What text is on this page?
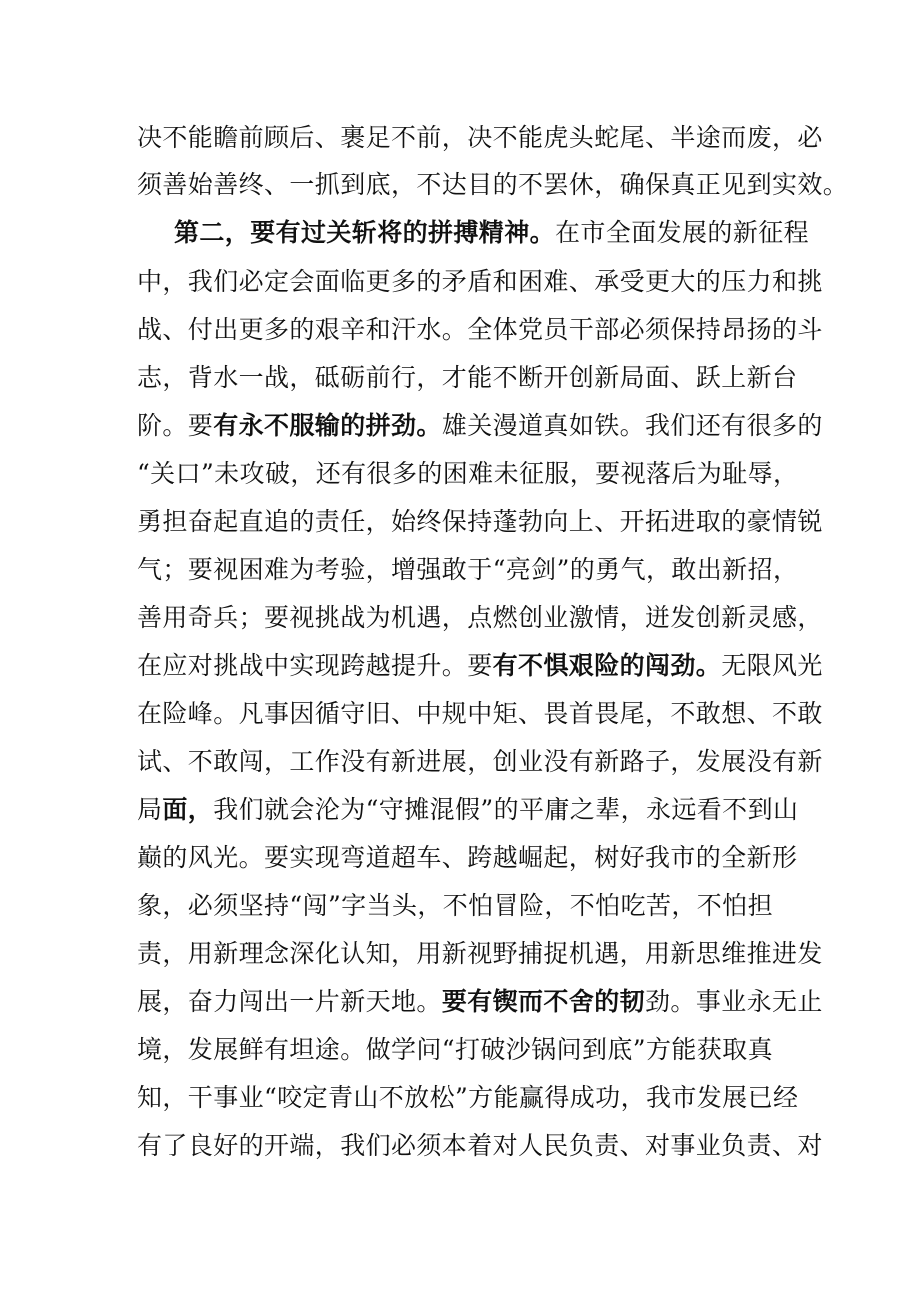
决不能瞻前顾后、裹足不前，决不能虎头蛇尾、半途而废，必
须善始善终、一抓到底，不达目的不罢休，确保真正见到实效。
第二，要有过关斩将的拼搏精神。在市全面发展的新征程
中，我们必定会面临更多的矛盾和困难、承受更大的压力和挑
战、付出更多的艰辛和汗水。全体党员干部必须保持昂扬的斗
志，背水一战，砥砺前行，才能不断开创新局面、跃上新台
阶。要有永不服输的拼劲。雄关漫道真如铁。我们还有很多的
“关口”未攻破，还有很多的困难未征服，要视落后为耻辱，
勇担奋起直追的责任，始终保持蓬勃向上、开拓进取的豪情锐
气；要视困难为考验，增强敢于“亮剑”的勇气，敢出新招，
善用奇兵；要视挑战为机遇，点燃创业激情，迸发创新灵感，
在应对挑战中实现跨越提升。要有不惧艰险的闯劲。无限风光
在险峰。凡事因循守旧、中规中矩、畏首畏尾，不敢想、不敢
试、不敢闯，工作没有新进展，创业没有新路子，发展没有新
局面，我们就会沦为“守摊混假”的平庸之辈，永远看不到山
巅的风光。要实现弯道超车、跨越崛起，树好我市的全新形
象，必须坚持“闯”字当头，不怕冒险，不怕吃苦，不怕担
责，用新理念深化认知，用新视野捕捉机遇，用新思维推进发
展，奋力闯出一片新天地。要有锲而不舍的韧劲。事业永无止
境，发展鲜有坦途。做学问“打破沙锅问到底”方能获取真
知，干事业“咬定青山不放松”方能赢得成功，我市发展已经
有了良好的开端，我们必须本着对人民负责、对事业负责、对
